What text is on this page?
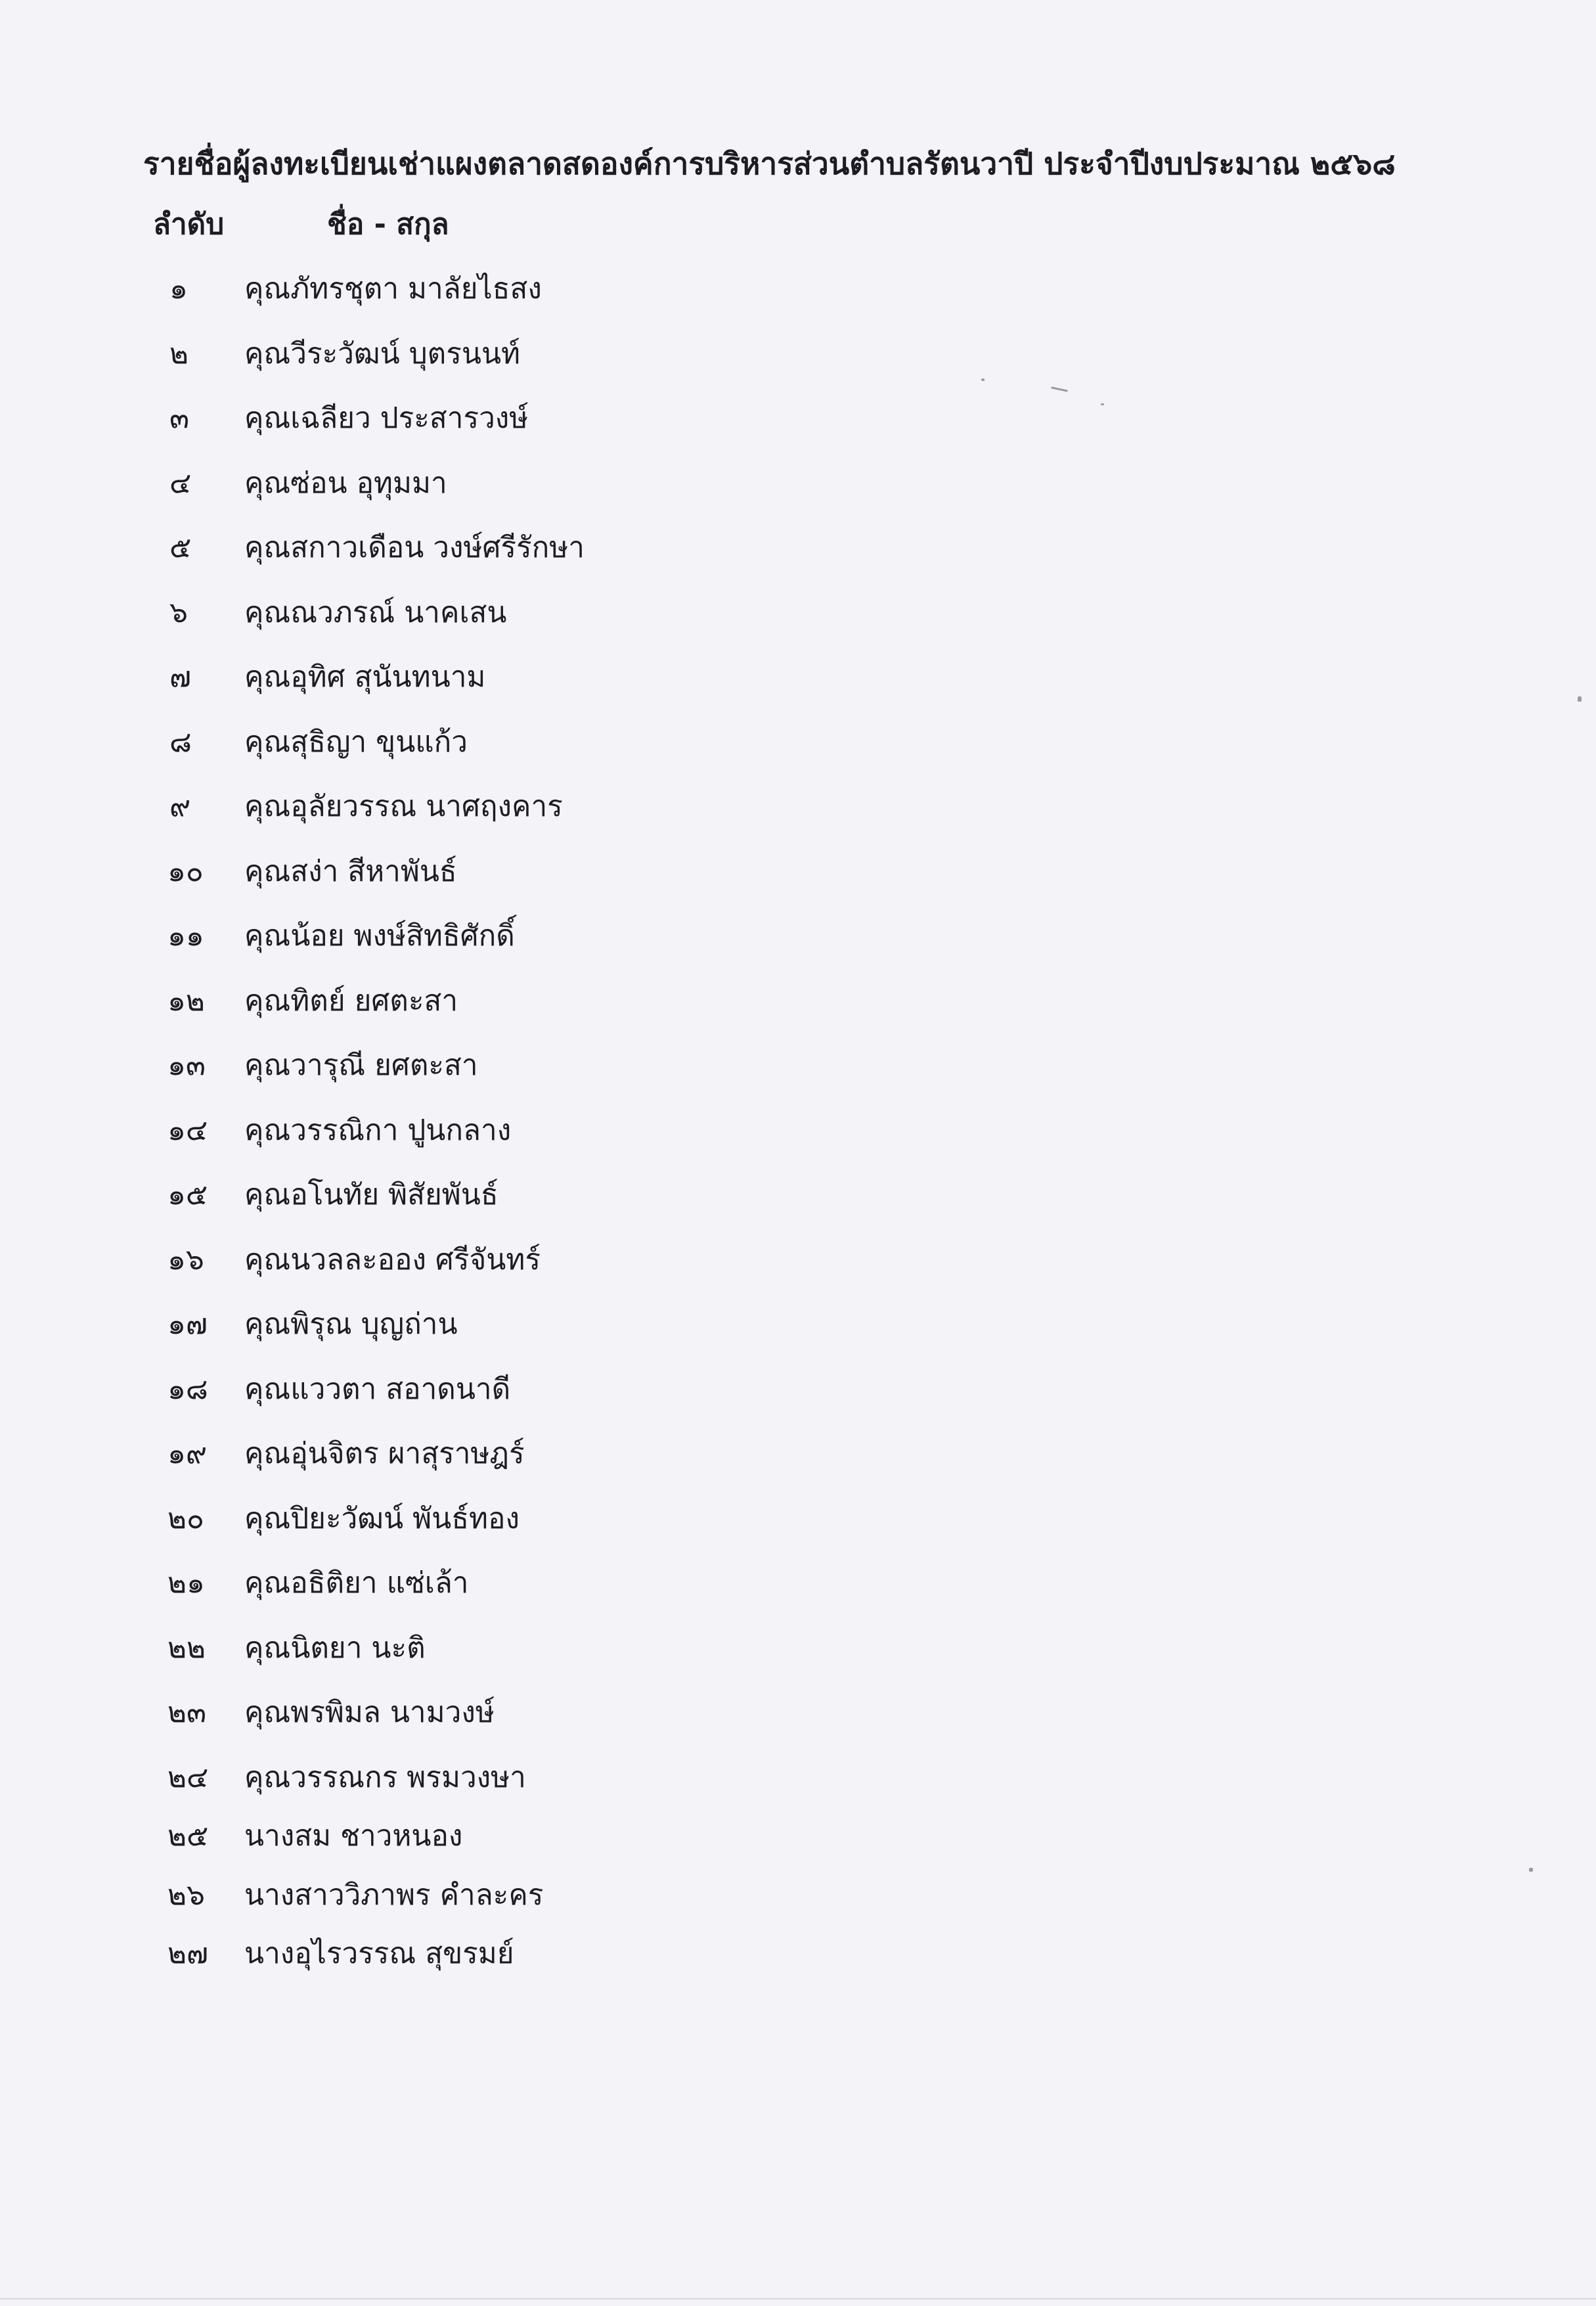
รายชื่อผู้ลงทะเบียนเช่าแผงตลาดสดองค์การบริหารส่วนตำบลรัตนวาปี ประจำปีงบประมาณ ๒๕๖๘
ลำดับ	ชื่อ - สกุล
๑	คุณภัทรชุตา มาลัยไธสง
๒	คุณวีระวัฒน์ บุตรนนท์
๓	คุณเฉลียว ประสารวงษ์
๔	คุณซ่อน อุทุมมา
๕	คุณสกาวเดือน วงษ์ศรีรักษา
๖	คุณณวภรณ์ นาคเสน
๗	คุณอุทิศ สุนันทนาม
๘	คุณสุธิญา ขุนแก้ว
๙	คุณอุลัยวรรณ นาศฤงคาร
๑๐	คุณสง่า สีหาพันธ์
๑๑	คุณน้อย พงษ์สิทธิศักดิ์
๑๒	คุณทิตย์ ยศตะสา
๑๓	คุณวารุณี ยศตะสา
๑๔	คุณวรรณิกา ปูนกลาง
๑๕	คุณอโนทัย พิสัยพันธ์
๑๖	คุณนวลละออง ศรีจันทร์
๑๗	คุณพิรุณ บุญถ่าน
๑๘	คุณแววตา สอาดนาดี
๑๙	คุณอุ่นจิตร ผาสุราษฎร์
๒๐	คุณปิยะวัฒน์ พันธ์ทอง
๒๑	คุณอธิติยา แซ่เล้า
๒๒	คุณนิตยา นะติ
๒๓	คุณพรพิมล นามวงษ์
๒๔	คุณวรรณกร พรมวงษา
๒๕	นางสม ชาวหนอง
๒๖	นางสาววิภาพร คำละคร
๒๗	นางอุไรวรรณ สุขรมย์
